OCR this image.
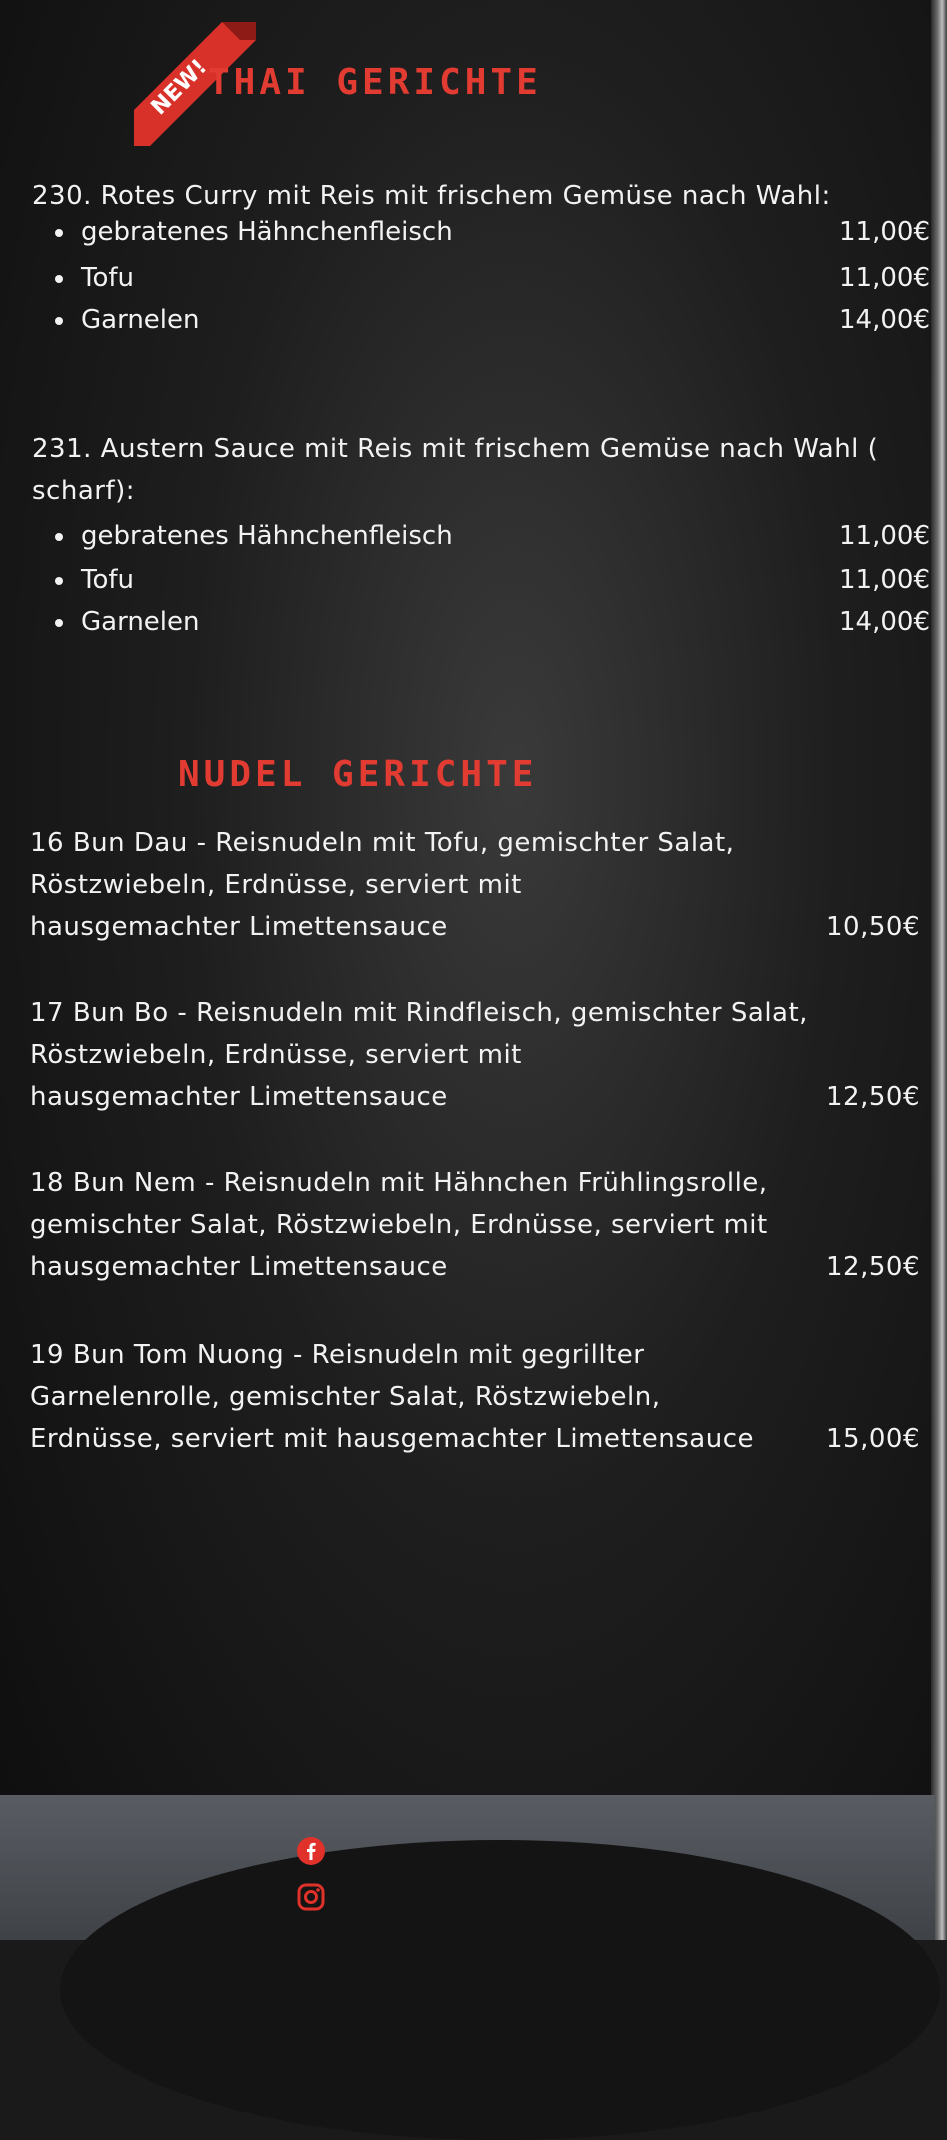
NEW!
THAI GERICHTE
230. Rotes Curry mit Reis mit frischem Gemüse nach Wahl:
gebratenes Hähnchenfleisch	11,00€
Tofu	11,00€
Garnelen	14,00€
231. Austern Sauce mit Reis mit frischem Gemüse nach Wahl (
scharf):
gebratenes Hähnchenfleisch	11,00€
Tofu	11,00€
Garnelen	14,00€
NUDEL GERICHTE
16 Bun Dau - Reisnudeln mit Tofu, gemischter Salat,
Röstzwiebeln, Erdnüsse, serviert mit
hausgemachter Limettensauce	10,50€
17 Bun Bo - Reisnudeln mit Rindfleisch, gemischter Salat,
Röstzwiebeln, Erdnüsse, serviert mit
hausgemachter Limettensauce	12,50€
18 Bun Nem - Reisnudeln mit Hähnchen Frühlingsrolle,
gemischter Salat, Röstzwiebeln, Erdnüsse, serviert mit
hausgemachter Limettensauce	12,50€
19 Bun Tom Nuong - Reisnudeln mit gegrillter
Garnelenrolle, gemischter Salat, Röstzwiebeln,
Erdnüsse, serviert mit hausgemachter Limettensauce	15,00€
